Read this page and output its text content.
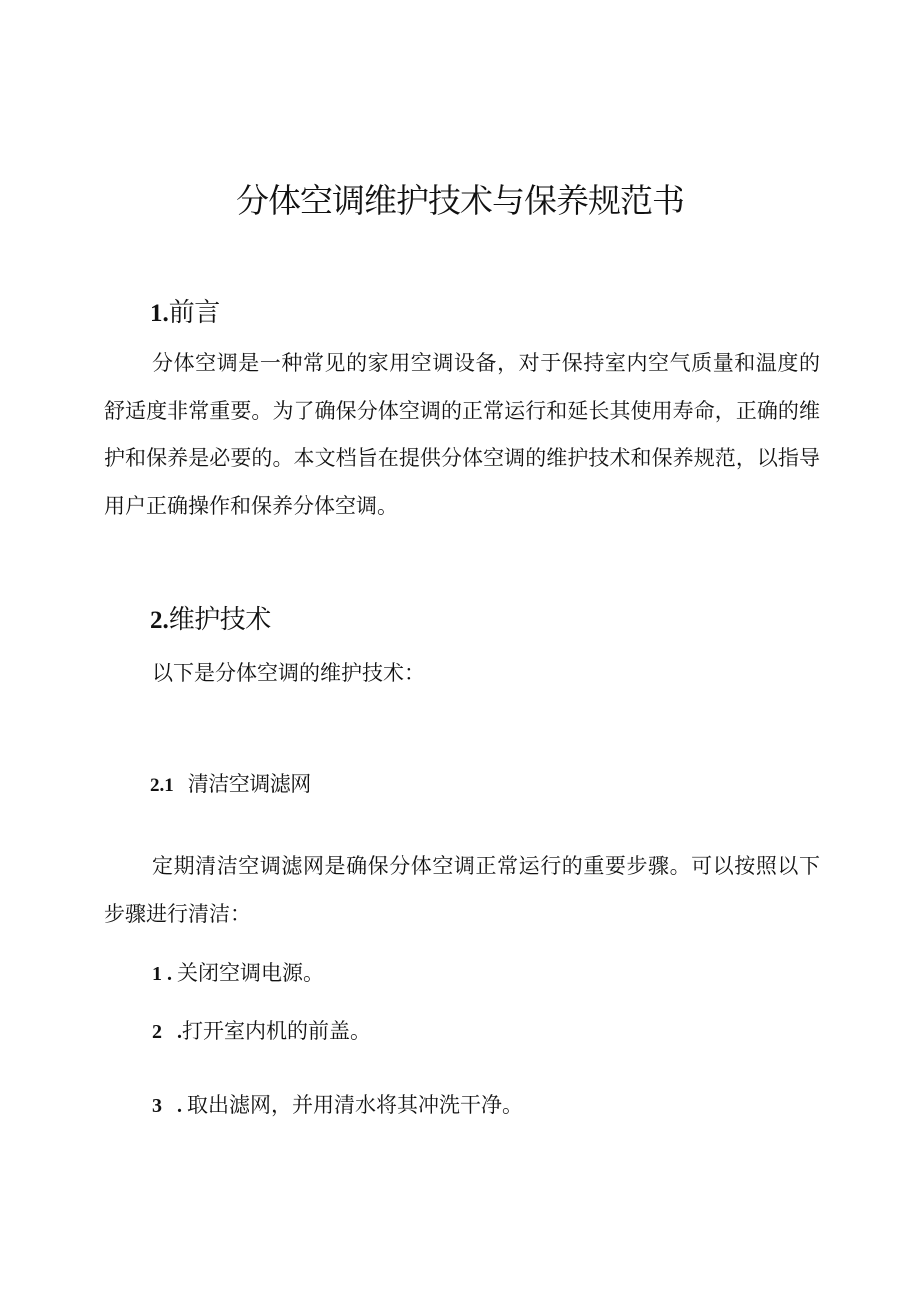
分体空调维护技术与保养规范书
1.前言

分体空调是一种常见的家用空调设备，对于保持室内空气质量和温度的舒适度非常重要。为了确保分体空调的正常运行和延长其使用寿命，正确的维护和保养是必要的。本文档旨在提供分体空调的维护技术和保养规范，以指导用户正确操作和保养分体空调。

2.维护技术

以下是分体空调的维护技术：

2.1 清洁空调滤网

定期清洁空调滤网是确保分体空调正常运行的重要步骤。可以按照以下步骤进行清洁：

1 . 关闭空调电源。

2   .打开室内机的前盖。

3   . 取出滤网，并用清水将其冲洗干净。
